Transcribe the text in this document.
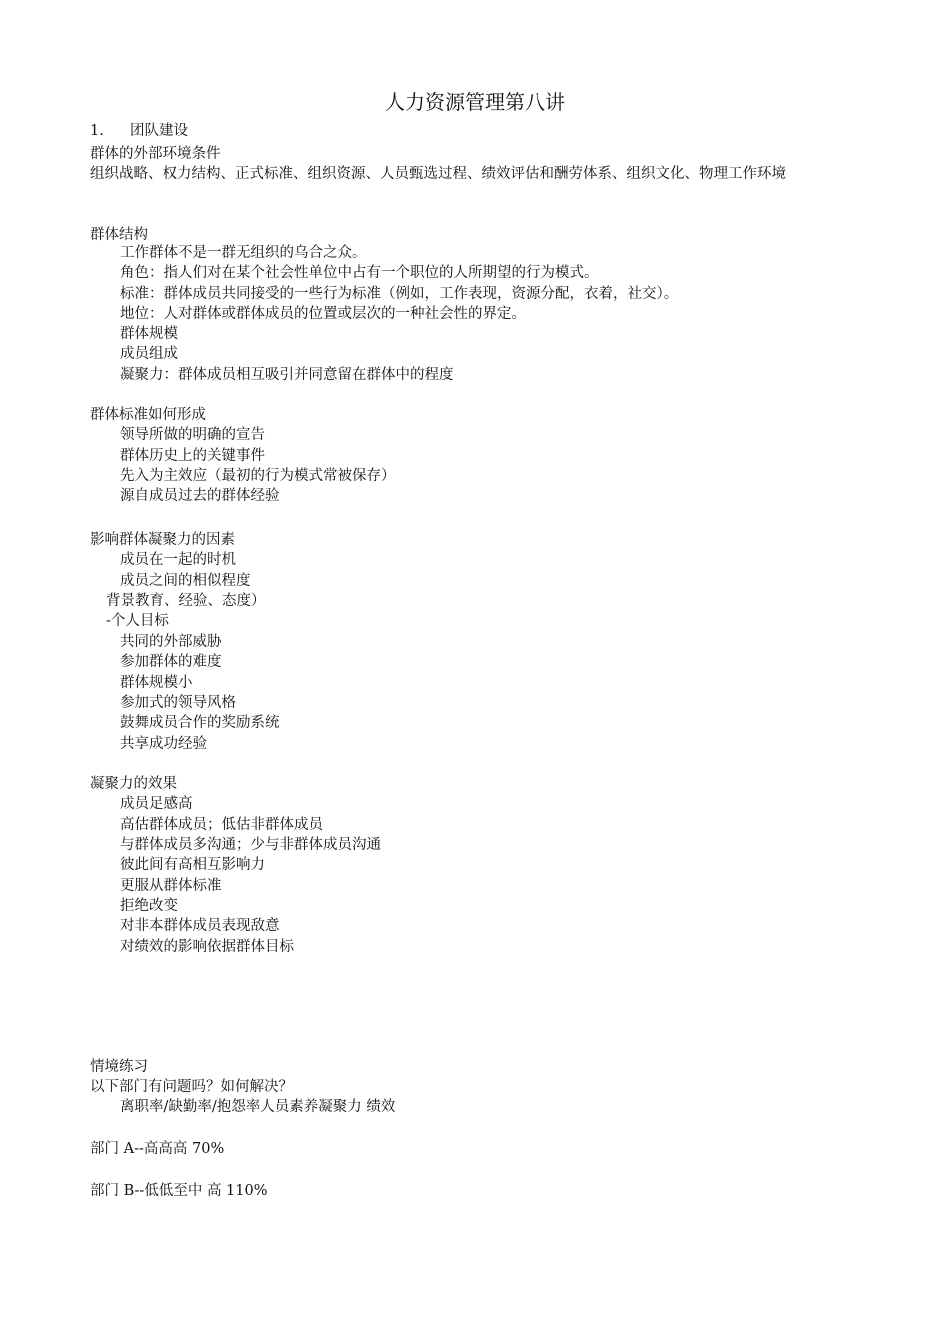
人力资源管理第八讲

1. 团队建设

群体的外部环境条件

组织战略、权力结构、正式标准、组织资源、人员甄选过程、绩效评估和酬劳体系、组织文化、物理工作环境

群体结构

工作群体不是一群无组织的乌合之众。

角色：指人们对在某个社会性单位中占有一个职位的人所期望的行为模式。

标准：群体成员共同接受的一些行为标准（例如，工作表现，资源分配，衣着，社交）。

地位：人对群体或群体成员的位置或层次的一种社会性的界定。

群体规模

成员组成

凝聚力：群体成员相互吸引并同意留在群体中的程度

群体标准如何形成

领导所做的明确的宣告

群体历史上的关键事件

先入为主效应（最初的行为模式常被保存）

源自成员过去的群体经验

影响群体凝聚力的因素

成员在一起的时机

成员之间的相似程度

背景教育、经验、态度）

-个人目标

共同的外部威胁

参加群体的难度

群体规模小

参加式的领导风格

鼓舞成员合作的奖励系统

共享成功经验

凝聚力的效果

成员足感高

高估群体成员；低估非群体成员

与群体成员多沟通；少与非群体成员沟通

彼此间有高相互影响力

更服从群体标准

拒绝改变

对非本群体成员表现敌意

对绩效的影响依据群体目标

情境练习

以下部门有问题吗？如何解决？

离职率/缺勤率/抱怨率人员素养凝聚力 绩效

部门 A--高高高 70%

部门 B--低低至中 高 110%
